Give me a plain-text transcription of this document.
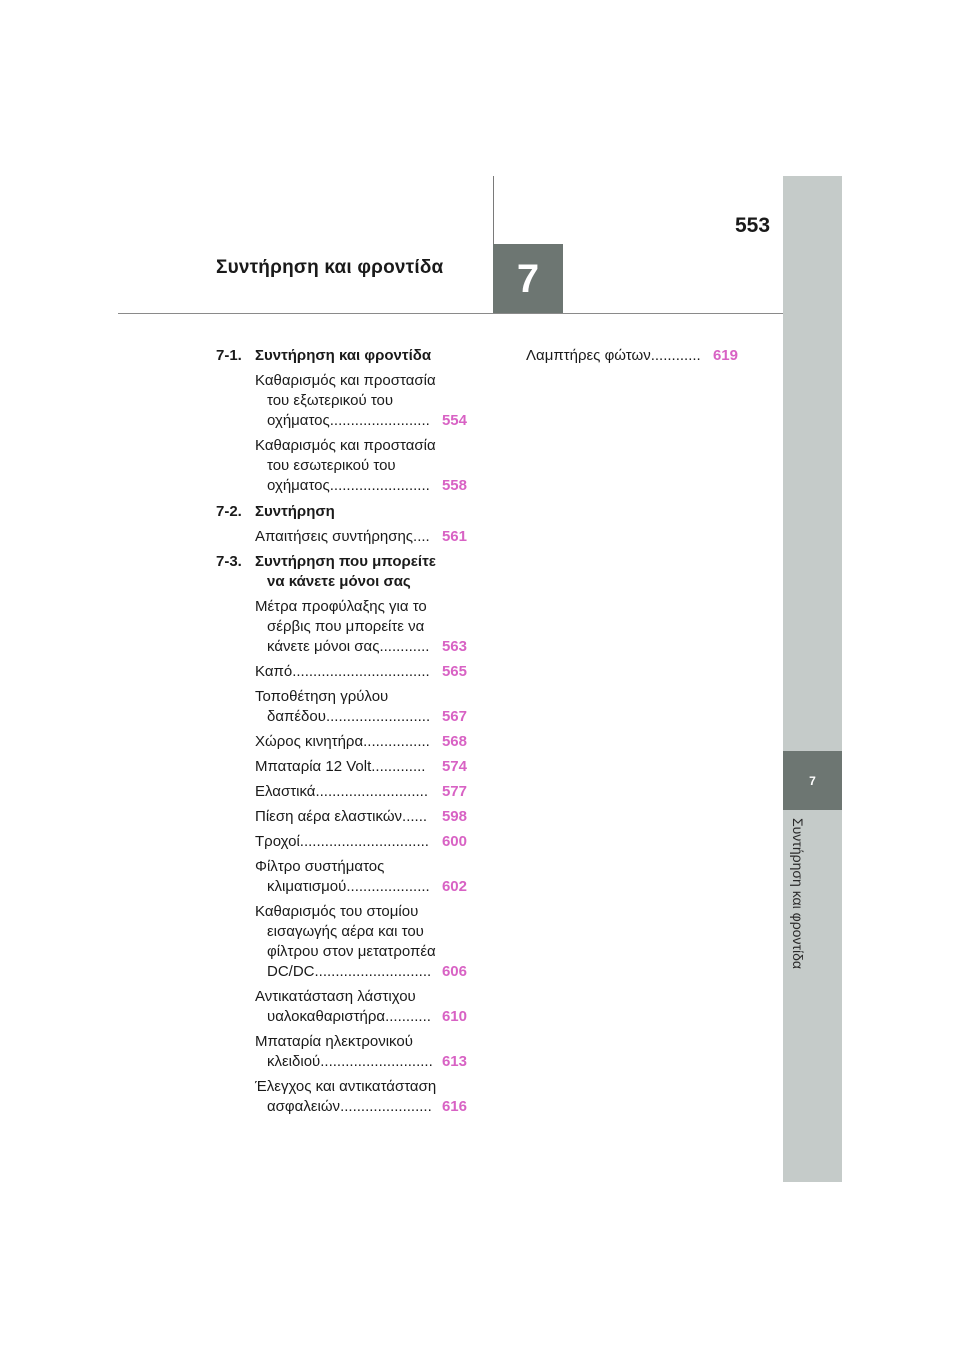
553
Συντήρηση και φροντίδα 7
7
Συντήρηση και φροντίδα
7-1. Συντήρηση και φροντίδα
Καθαρισμός και προστασία
του εξωτερικού του
οχήματος ........................ 554
Καθαρισμός και προστασία
του εσωτερικού του
οχήματος ........................ 558
7-2. Συντήρηση
Απαιτήσεις συντήρησης .... 561
7-3. Συντήρηση που μπορείτε
να κάνετε μόνοι σας
Μέτρα προφύλαξης για το
σέρβις που μπορείτε να
κάνετε μόνοι σας ............ 563
Καπό ................................. 565
Τοποθέτηση γρύλου
δαπέδου ......................... 567
Χώρος κινητήρα ................ 568
Μπαταρία 12 Volt .............	574
Ελαστικά ........................... 577
Πίεση αέρα ελαστικών ...... 598
Τροχοί ............................... 600
Φίλτρο συστήματος
κλιματισμού .................... 602
Καθαρισμός του στομίου
εισαγωγής αέρα και του
φίλτρου στον μετατροπέα
DC/DC ............................ 606
Αντικατάσταση λάστιχου
υαλοκαθαριστήρα ........... 610
Μπαταρία ηλεκτρονικού
κλειδιού ........................... 613
Έλεγχος και αντικατάσταση
ασφαλειών ...................... 616
Λαμπτήρες φώτων ............ 619
